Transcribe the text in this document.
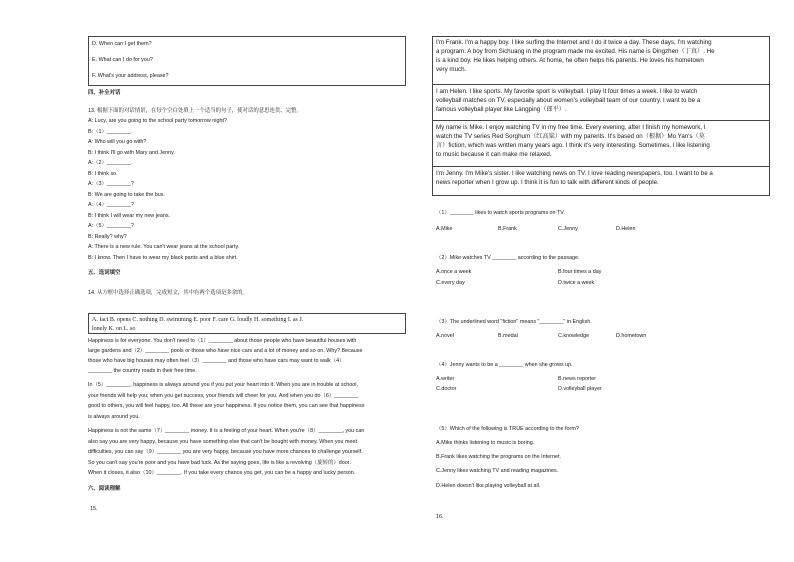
D. When can I get them?
E. What can I do for you?
F. What's your address, please?
四、补全对话
13. 根据下面的对话情景，在每个空白处填上一个适当的句子，使对话的意思连贯、完整。
A: Lucy, are you going to the school party tomorrow night?
B:（1）________.
A: Who will you go with?
B: I think I'll go with Mary and Jenny.
A:（2）________.
B: I think so.
A:（3）________?
B: We are going to take the bus.
A:（4）________?
B: I think I will wear my new jeans.
A:（5）________?
B: Really? why?
A: There is a new rule. You can't wear jeans at the school party.
B: I know. Then I have to wear my black pants and a blue shirt.
五、选词填空
14. 从方框中选择正确选项，完成短文，其中有两个选项是多余的。
A. fact B. opens C. nothing D. swimming E. poor F. care G. loudly H. something I. as J.
lonely K. on L. so
Happiness is for everyone. You don't need to（1）________ about those people who have beautiful houses with
large gardens and（2）________ pools or those who have nice cars and a lot of money and so on. Why? Because
those who have big houses may often feel（3）________ and those who have cars may want to walk（4）
________ the country roads in their free time.
In（5）________, happiness is always around you if you put your heart into it. When you are in trouble at school,
your friends will help you; when you get success, your friends will cheer for you. And when you do（6）________
good to others, you will feel happy, too. All these are your happiness. If you notice them, you can see that happiness
is always around you.
Happiness is not the same（7）________ money. It is a feeling of your heart. When you're（8）________, you can
also say you are very happy, because you have something else that can't be bought with money. When you meet
difficulties, you can say（9）________ you are very happy, because you have more chances to challenge yourself.
So you can't say you're poor and you have bad luck. As the saying goes, life is like a revolving（旋转的）door.
When it closes, it also（10）________. If you take every chance you get, you can be a happy and lucky person.
六、阅读理解
15.
I'm Frank. I'm a happy boy. I like surfing the Internet and I do it twice a day. These days, I'm watching
a program. A boy from Sichuang in the program made me excited. His name is Dingzhen（丁真）. He
is a kind boy. He likes helping others. At home, he often helps his parents. He loves his hometown
very much.
I am Helen. I like sports. My favorite sport is volleyball. I play it four times a week. I like to watch
volleyball matches on TV, especially about women's volleyball team of our country. I want to be a
famous volleyball player like Langping（郎平）.
My name is Mike. I enjoy watching TV in my free time. Every evening, after I finish my homework, I
watch the TV series Red Sorghum（红高粱）with my parents. It's based on（根据）Mo Yan's（莫
言）fiction, which was written many years ago. I think it's very interesting. Sometimes, I like listening
to music because it can make me relaxed.
I'm Jenny. I'm Mike's sister. I like watching news on TV. I love reading newspapers, too. I want to be a
news reporter when I grow up. I think it is fun to talk with different kinds of people.
（1）________ likes to watch sports programs on TV.
A.Mike	B.Frank	C.Jenny	D.Helen
（2）Mike watches TV ________ according to the passage.
A.once a week	B.four times a day
C.every day	D.twice a week
（3）The underlined word "fiction" means "________" in English.
A.novel	B.medal	C.knowledge	D.hometown
（4）Jenny wants to be a ________ when she grows up.
A.writer	B.news reporter
C.doctor	D.volleyball player
（5）Which of the following is TRUE according to the form?
A.Mike thinks listening to music is boring.
B.Frank likes watching the programs on the Internet.
C.Jenny likes watching TV and reading magazines.
D.Helen doesn't like playing volleyball at all.
16.
